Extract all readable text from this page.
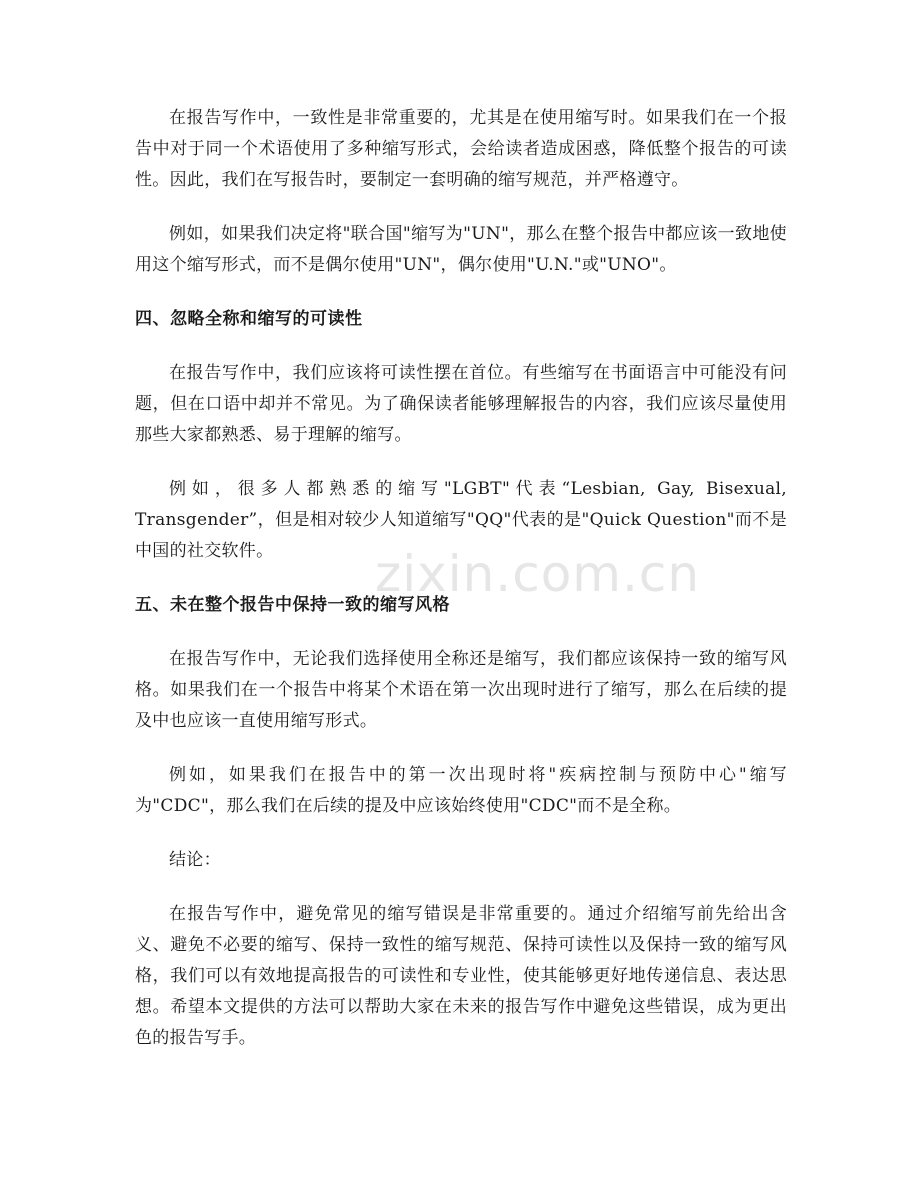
在报告写作中，一致性是非常重要的，尤其是在使用缩写时。如果我们在一个报告中对于同一个术语使用了多种缩写形式，会给读者造成困惑，降低整个报告的可读性。因此，我们在写报告时，要制定一套明确的缩写规范，并严格遵守。

例如，如果我们决定将"联合国"缩写为"UN"，那么在整个报告中都应该一致地使用这个缩写形式，而不是偶尔使用"UN"，偶尔使用"U.N."或"UNO"。

四、忽略全称和缩写的可读性

在报告写作中，我们应该将可读性摆在首位。有些缩写在书面语言中可能没有问题，但在口语中却并不常见。为了确保读者能够理解报告的内容，我们应该尽量使用那些大家都熟悉、易于理解的缩写。

例如，很多人都熟悉的缩写"LGBT"代表“Lesbian, Gay, Bisexual, Transgender”，但是相对较少人知道缩写"QQ"代表的是"Quick Question"而不是中国的社交软件。

五、未在整个报告中保持一致的缩写风格

在报告写作中，无论我们选择使用全称还是缩写，我们都应该保持一致的缩写风格。如果我们在一个报告中将某个术语在第一次出现时进行了缩写，那么在后续的提及中也应该一直使用缩写形式。

例如，如果我们在报告中的第一次出现时将"疾病控制与预防中心"缩写为"CDC"，那么我们在后续的提及中应该始终使用"CDC"而不是全称。

结论：

在报告写作中，避免常见的缩写错误是非常重要的。通过介绍缩写前先给出含义、避免不必要的缩写、保持一致性的缩写规范、保持可读性以及保持一致的缩写风格，我们可以有效地提高报告的可读性和专业性，使其能够更好地传递信息、表达思想。希望本文提供的方法可以帮助大家在未来的报告写作中避免这些错误，成为更出色的报告写手。

zixin.com.cn
